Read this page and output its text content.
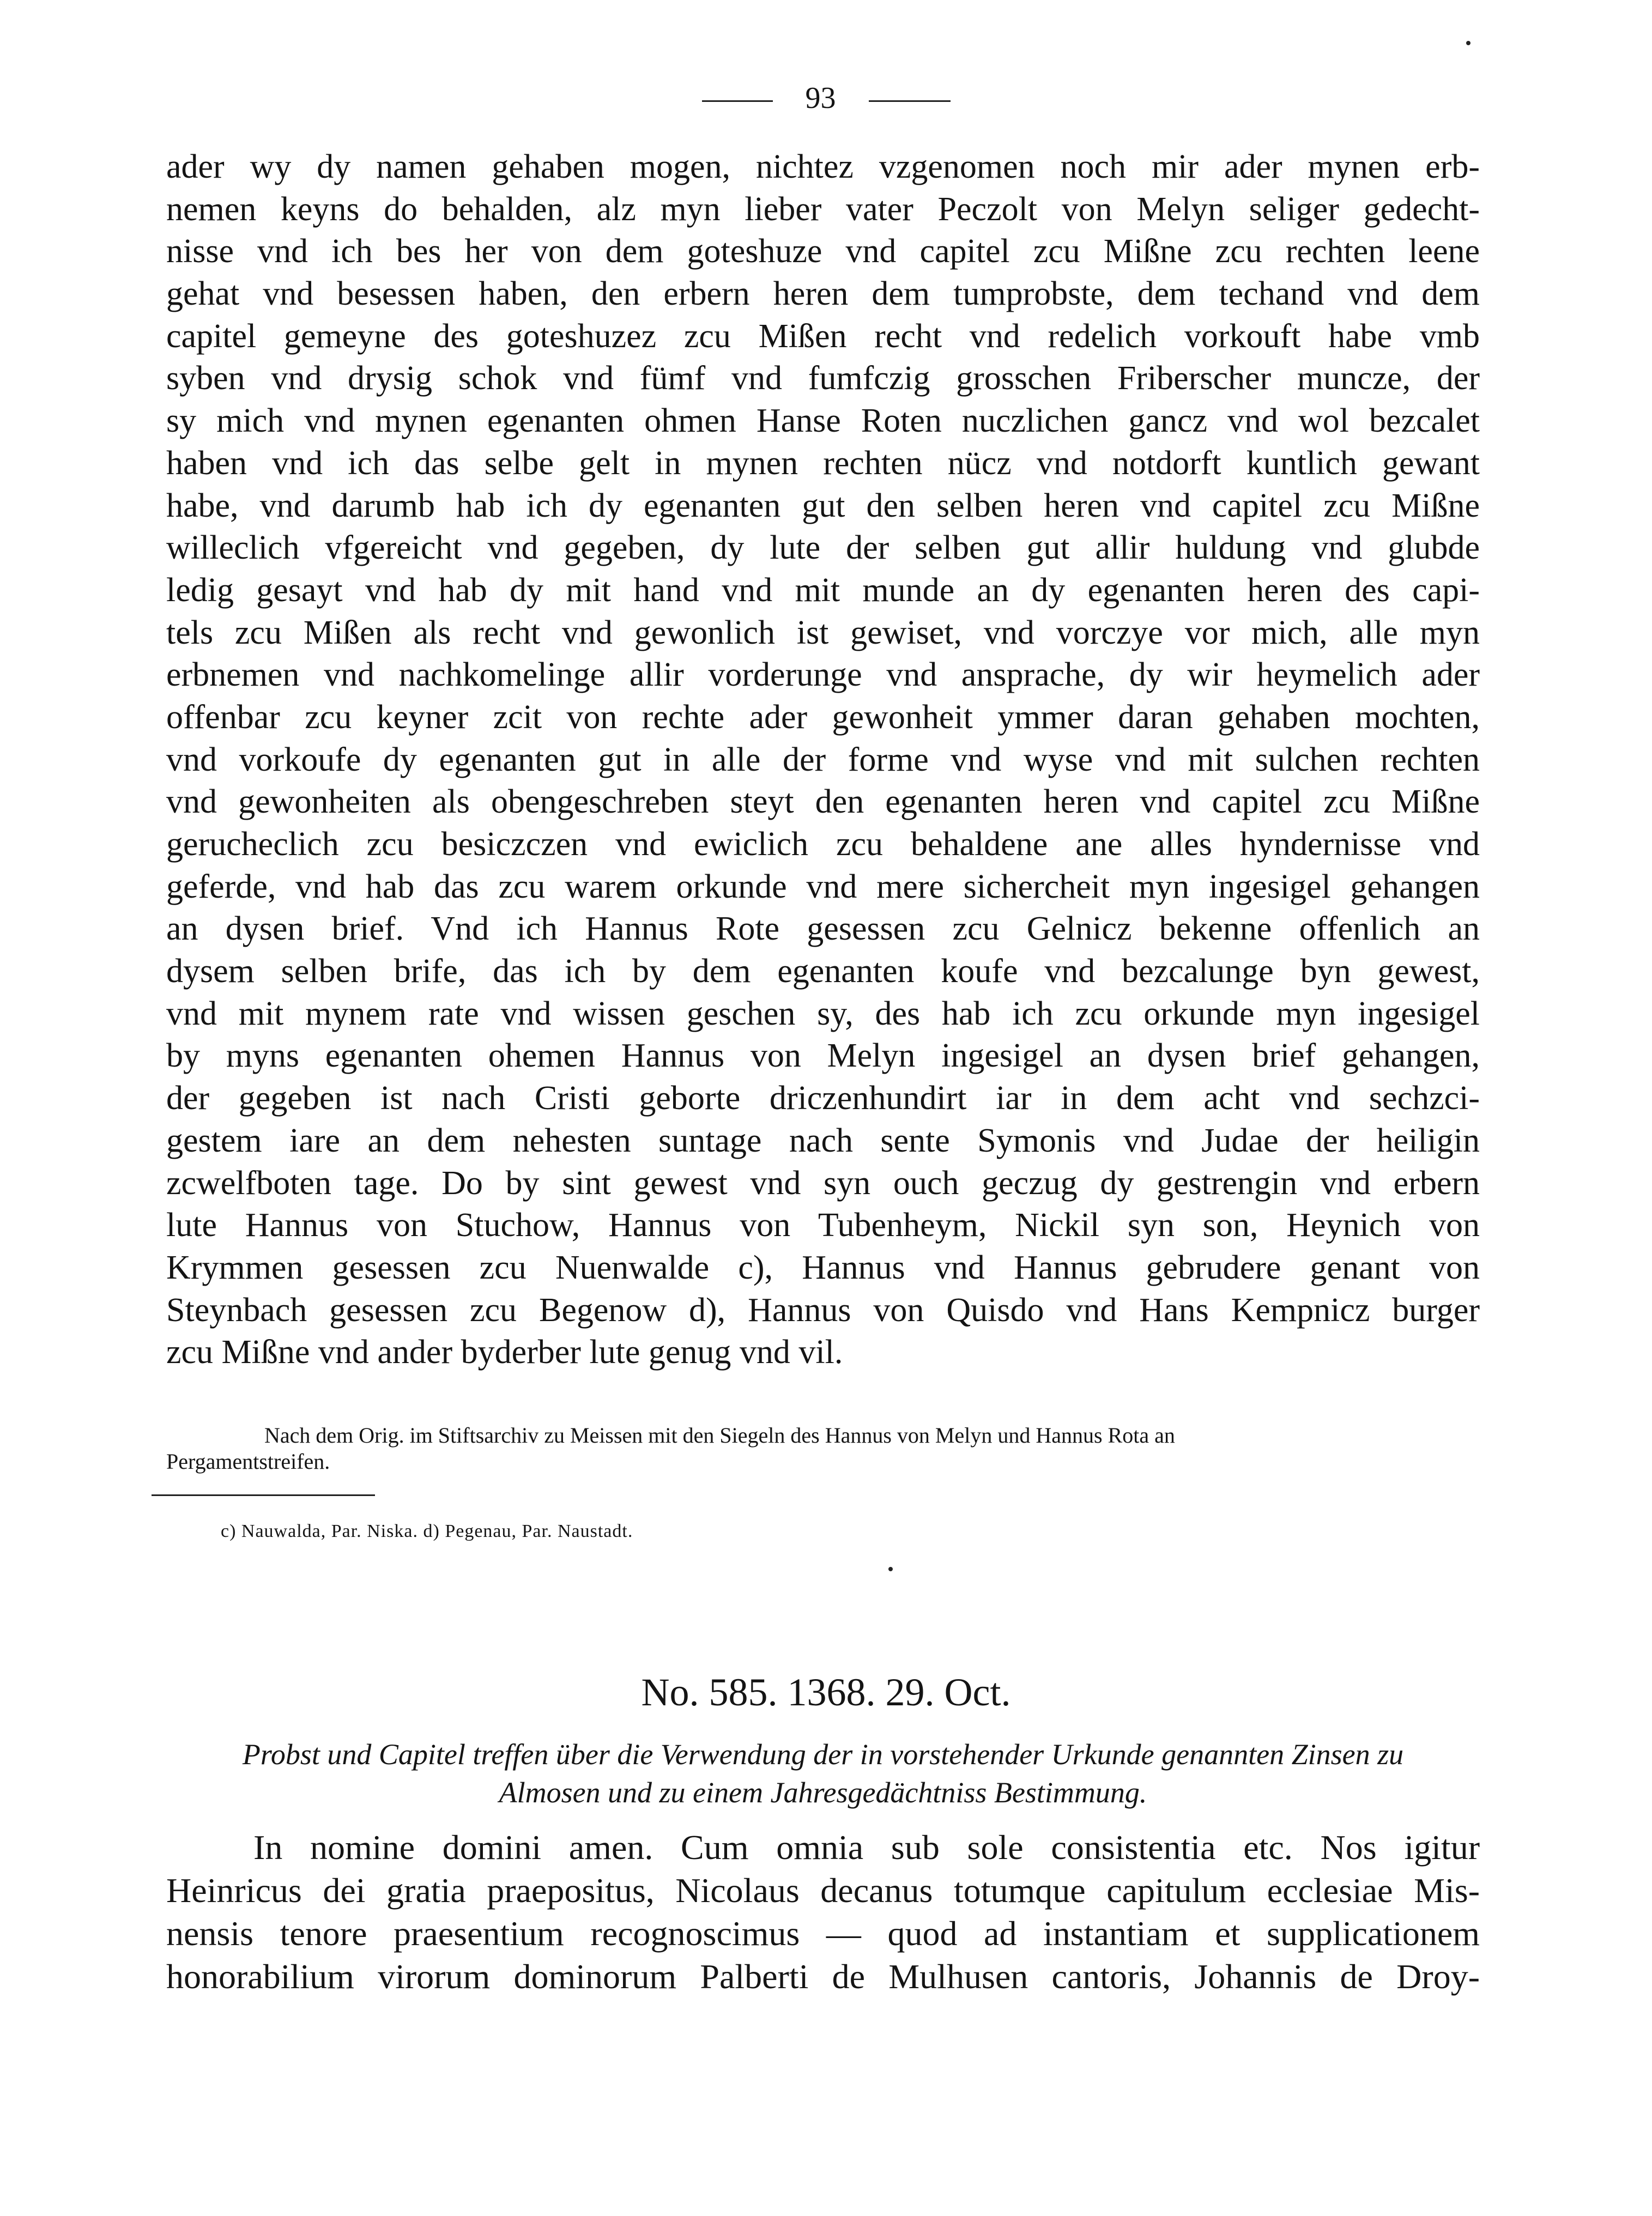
93
ader wy dy namen gehaben mogen, nichtez vzgenomen noch mir ader mynen erb-
nemen keyns do behalden, alz myn lieber vater Peczolt von Melyn seliger gedecht-
nisse vnd ich bes her von dem goteshuze vnd capitel zcu Mißne zcu rechten leene
gehat vnd besessen haben, den erbern heren dem tumprobste, dem techand vnd dem
capitel gemeyne des goteshuzez zcu Mißen recht vnd redelich vorkouft habe vmb
syben vnd drysig schok vnd fümf vnd fumfczig grosschen Friberscher muncze, der
sy mich vnd mynen egenanten ohmen Hanse Roten nuczlichen gancz vnd wol bezcalet
haben vnd ich das selbe gelt in mynen rechten nücz vnd notdorft kuntlich gewant
habe, vnd darumb hab ich dy egenanten gut den selben heren vnd capitel zcu Mißne
willeclich vfgereicht vnd gegeben, dy lute der selben gut allir huldung vnd glubde
ledig gesayt vnd hab dy mit hand vnd mit munde an dy egenanten heren des capi-
tels zcu Mißen als recht vnd gewonlich ist gewiset, vnd vorczye vor mich, alle myn
erbnemen vnd nachkomelinge allir vorderunge vnd ansprache, dy wir heymelich ader
offenbar zcu keyner zcit von rechte ader gewonheit ymmer daran gehaben mochten,
vnd vorkoufe dy egenanten gut in alle der forme vnd wyse vnd mit sulchen rechten
vnd gewonheiten als obengeschreben steyt den egenanten heren vnd capitel zcu Mißne
gerucheclich zcu besiczczen vnd ewiclich zcu behaldene ane alles hyndernisse vnd
geferde, vnd hab das zcu warem orkunde vnd mere sichercheit myn ingesigel gehangen
an dysen brief. Vnd ich Hannus Rote gesessen zcu Gelnicz bekenne offenlich an
dysem selben brife, das ich by dem egenanten koufe vnd bezcalunge byn gewest,
vnd mit mynem rate vnd wissen geschen sy, des hab ich zcu orkunde myn ingesigel
by myns egenanten ohemen Hannus von Melyn ingesigel an dysen brief gehangen,
der gegeben ist nach Cristi geborte driczenhundirt iar in dem acht vnd sechzci-
gestem iare an dem nehesten suntage nach sente Symonis vnd Judae der heiligin
zcwelfboten tage. Do by sint gewest vnd syn ouch geczug dy gestrengin vnd erbern
lute Hannus von Stuchow, Hannus von Tubenheym, Nickil syn son, Heynich von
Krymmen gesessen zcu Nuenwalde c), Hannus vnd Hannus gebrudere genant von
Steynbach gesessen zcu Begenow d), Hannus von Quisdo vnd Hans Kempnicz burger
zcu Mißne vnd ander byderber lute genug vnd vil.
Nach dem Orig. im Stiftsarchiv zu Meissen mit den Siegeln des Hannus von Melyn und Hannus Rota an
Pergamentstreifen.
c) Nauwalda, Par. Niska. d) Pegenau, Par. Naustadt.
No. 585. 1368. 29. Oct.
Probst und Capitel treffen über die Verwendung der in vorstehender Urkunde genannten Zinsen zu
Almosen und zu einem Jahresgedächtniss Bestimmung.
In nomine domini amen. Cum omnia sub sole consistentia etc. Nos igitur
Heinricus dei gratia praepositus, Nicolaus decanus totumque capitulum ecclesiae Mis-
nensis tenore praesentium recognoscimus — quod ad instantiam et supplicationem
honorabilium virorum dominorum Palberti de Mulhusen cantoris, Johannis de Droy-
